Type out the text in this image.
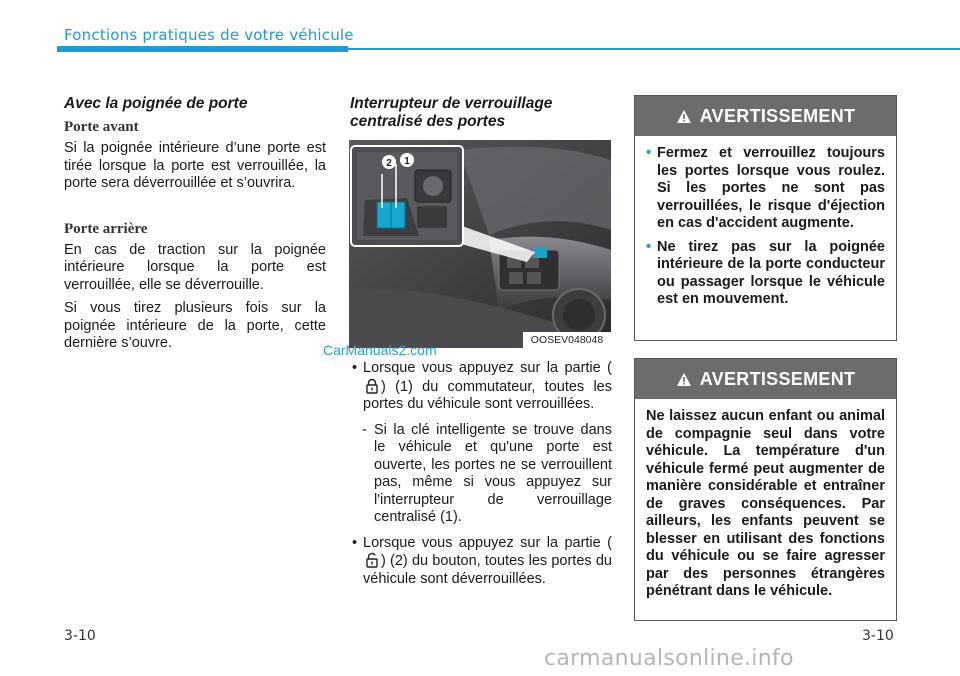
Fonctions pratiques de votre véhicule
Avec la poignée de porte
Porte avant

Si la poignée intérieure d’une porte est tirée lorsque la porte est verrouillée, la porte sera déverrouillée et s’ouvrira.

Porte arrière

En cas de traction sur la poignée intérieure lorsque la porte est verrouillée, elle se déverrouille.

Si vous tirez plusieurs fois sur la poignée intérieure de la porte, cette dernière s’ouvre.

Interrupteur de verrouillage centralisé des portes
2 1
OOSEV048048
CarManuals2.com
• Lorsque vous appuyez sur la partie () (1) du commutateur, toutes les portes du véhicule sont verrouillées.
- Si la clé intelligente se trouve dans le véhicule et qu'une porte est ouverte, les portes ne se verrouillent pas, même si vous appuyez sur l'interrupteur de verrouillage centralisé (1).
• Lorsque vous appuyez sur la partie () (2) du bouton, toutes les portes du véhicule sont déverrouillées.
AVERTISSEMENT
• Fermez et verrouillez toujours les portes lorsque vous roulez. Si les portes ne sont pas verrouillées, le risque d'éjection en cas d'accident augmente.
• Ne tirez pas sur la poignée intérieure de la porte conducteur ou passager lorsque le véhicule est en mouvement.
AVERTISSEMENT
Ne laissez aucun enfant ou animal de compagnie seul dans votre véhicule. La température d'un véhicule fermé peut augmenter de manière considérable et entraîner de graves conséquences. Par ailleurs, les enfants peuvent se blesser en utilisant des fonctions du véhicule ou se faire agresser par des personnes étrangères pénétrant dans le véhicule.
3-10	3-10
carmanualsonline.info
